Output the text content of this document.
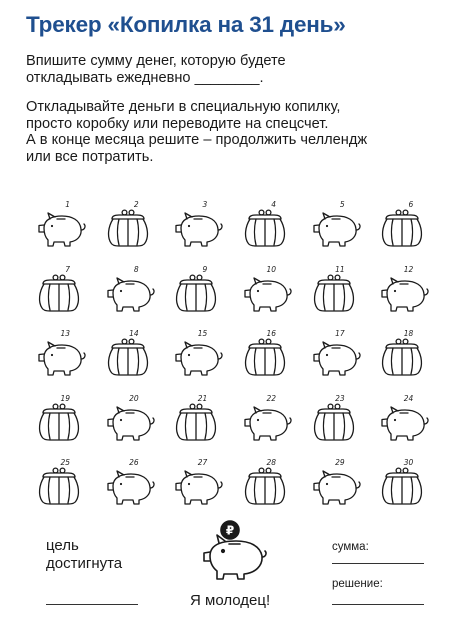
Трекер «Копилка на 31 день»

Впишите сумму денег, которую будете
откладывать ежедневно ________.

Откладывайте деньги в специальную копилку,
просто коробку или переводите на спецсчет.
А в конце месяца решите – продолжить челлендж
или все потратить.

1	2	3	4	5	6
7	8	9	10	11	12
13	14	15	16	17	18
19	20	21	22	23	24
25	26	27	28	29	30
цель
достигнута
₽
Я молодец!
сумма:
решение:
